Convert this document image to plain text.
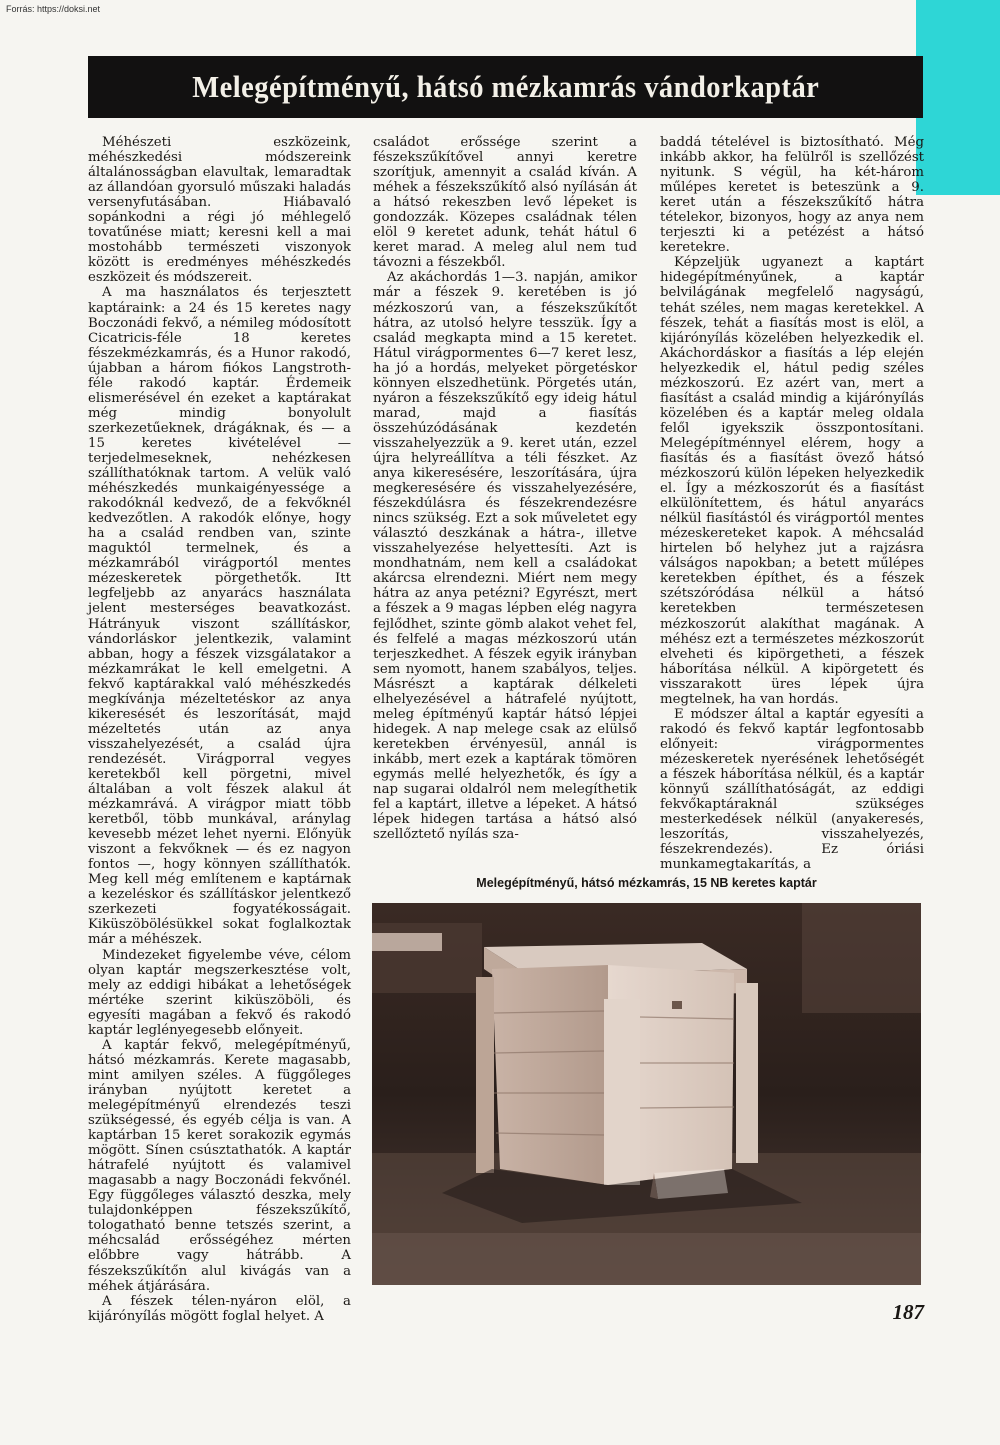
Forrás: https://doksi.net
Melegépítményű, hátsó mézkamrás vándorkaptár

Méhészeti eszközeink, méhészkedési módszereink általánosságban elavultak, lemaradtak az állandóan gyorsuló műszaki haladás versenyfutásában. Hiábavaló sopánkodni a régi jó méhlegelő tovatűnése miatt; keresni kell a mai mostohább természeti viszonyok között is eredményes méhészkedés eszközeit és módszereit.

A ma használatos és terjesztett kaptáraink: a 24 és 15 keretes nagy Boczonádi fekvő, a némileg módosított Cicatricis-féle 18 keretes fészekmézkamrás, és a Hunor rakodó, újabban a három fiókos Langstroth-féle rakodó kaptár. Érdemeik elismerésével én ezeket a kaptárakat még mindig bonyolult szerkezetűeknek, drágáknak, és — a 15 keretes kivételével — terjedelmeseknek, nehézkesen szállíthatóknak tartom. A velük való méhészkedés munkaigényessége a rakodóknál kedvező, de a fekvőknél kedvezőtlen. A rakodók előnye, hogy ha a család rendben van, szinte maguktól termelnek, és a mézkamrából virágportól mentes mézeskeretek pörgethetők. Itt legfeljebb az anyarács használata jelent mesterséges beavatkozást. Hátrányuk viszont szállításkor, vándorláskor jelentkezik, valamint abban, hogy a fészek vizsgálatakor a mézkamrákat le kell emelgetni. A fekvő kaptárakkal való méhészkedés megkívánja mézeltetéskor az anya kikeresését és leszorítását, majd mézeltetés után az anya visszahelyezését, a család újra rendezését. Virágporral vegyes keretekből kell pörgetni, mivel általában a volt fészek alakul át mézkamrává. A virágpor miatt több keretből, több munkával, aránylag kevesebb mézet lehet nyerni. Előnyük viszont a fekvőknek — és ez nagyon fontos —, hogy könnyen szállíthatók. Meg kell még említenem e kaptárnak a kezeléskor és szállításkor jelentkező szerkezeti fogyatékosságait. Kiküszöbölésükkel sokat foglalkoztak már a méhészek.

Mindezeket figyelembe véve, célom olyan kaptár megszerkesztése volt, mely az eddigi hibákat a lehetőségek mértéke szerint kiküszöböli, és egyesíti magában a fekvő és rakodó kaptár leglényegesebb előnyeit.

A kaptár fekvő, melegépítményű, hátsó mézkamrás. Kerete magasabb, mint amilyen széles. A függőleges irányban nyújtott keretet a melegépítményű elrendezés teszi szükségessé, és egyéb célja is van. A kaptárban 15 keret sorakozik egymás mögött. Sínen csúsztathatók. A kaptár hátrafelé nyújtott és valamivel magasabb a nagy Boczonádi fekvőnél. Egy függőleges választó deszka, mely tulajdonképpen fészekszűkítő, tologatható benne tetszés szerint, a méhcsalád erősségéhez mérten előbbre vagy hátrább. A fészekszűkítőn alul kivágás van a méhek átjárására.

A fészek télen-nyáron elöl, a kijárónyílás mögött foglal helyet. A

családot erőssége szerint a fészekszűkítővel annyi keretre szorítjuk, amennyit a család kíván. A méhek a fészekszűkítő alsó nyílásán át a hátsó rekeszben levő lépeket is gondozzák. Közepes családnak télen elöl 9 keretet adunk, tehát hátul 6 keret marad. A meleg alul nem tud távozni a fészekből.

Az akáchordás 1—3. napján, amikor már a fészek 9. keretében is jó mézkoszorú van, a fészekszűkítőt hátra, az utolsó helyre tesszük. Így a család megkapta mind a 15 keretet. Hátul virágpormentes 6—7 keret lesz, ha jó a hordás, melyeket pörgetéskor könnyen elszedhetünk. Pörgetés után, nyáron a fészekszűkítő egy ideig hátul marad, majd a fiasítás összehúzódásának kezdetén visszahelyezzük a 9. keret után, ezzel újra helyreállítva a téli fészket. Az anya kikeresésére, leszorítására, újra megkeresésére és visszahelyezésére, fészekdúlásra és fészekrendezésre nincs szükség. Ezt a sok műveletet egy választó deszkának a hátra-, illetve visszahelyezése helyettesíti. Azt is mondhatnám, nem kell a családokat akárcsa elrendezni. Miért nem megy hátra az anya petézni? Egyrészt, mert a fészek a 9 magas lépben elég nagyra fejlődhet, szinte gömb alakot vehet fel, és felfelé a magas mézkoszorú után terjeszkedhet. A fészek egyik irányban sem nyomott, hanem szabályos, teljes. Másrészt a kaptárak délkeleti elhelyezésével a hátrafelé nyújtott, meleg építményű kaptár hátsó lépjei hidegek. A nap melege csak az elülső keretekben érvényesül, annál is inkább, mert ezek a kaptárak tömören egymás mellé helyezhetők, és így a nap sugarai oldalról nem melegíthetik fel a kaptárt, illetve a lépeket. A hátsó lépek hidegen tartása a hátsó alsó szellőztető nyílás sza-

baddá tételével is biztosítható. Még inkább akkor, ha felülről is szellőzést nyitunk. S végül, ha két-három műlépes keretet is beteszünk a 9. keret után a fészekszűkítő hátra tételekor, bizonyos, hogy az anya nem terjeszti ki a petézést a hátsó keretekre.

Képzeljük ugyanezt a kaptárt hidegépítményűnek, a kaptár belvilágának megfelelő nagyságú, tehát széles, nem magas keretekkel. A fészek, tehát a fiasítás most is elöl, a kijárónyílás közelében helyezkedik el. Akáchordáskor a fiasítás a lép elején helyezkedik el, hátul pedig széles mézkoszorú. Ez azért van, mert a fiasítást a család mindig a kijárónyílás közelében és a kaptár meleg oldala felől igyekszik összpontosítani. Melegépítménnyel elérem, hogy a fiasítás és a fiasítást övező hátsó mézkoszorú külön lépeken helyezkedik el. Így a mézkoszorút és a fiasítást elkülönítettem, és hátul anyarács nélkül fiasítástól és virágportól mentes mézeskereteket kapok. A méhcsalád hirtelen bő helyhez jut a rajzásra válságos napokban; a betett műlépes keretekben építhet, és a fészek szétszóródása nélkül a hátsó keretekben természetesen mézkoszorút alakíthat magának. A méhész ezt a természetes mézkoszorút elveheti és kipörgetheti, a fészek háborítása nélkül. A kipörgetett és visszarakott üres lépek újra megtelnek, ha van hordás.

E módszer által a kaptár egyesíti a rakodó és fekvő kaptár legfontosabb előnyeit: virágpormentes mézeskeretek nyerésének lehetőségét a fészek háborítása nélkül, és a kaptár könnyű szállíthatóságát, az eddigi fekvőkaptáraknál szükséges mesterkedések nélkül (anyakeresés, leszorítás, visszahelyezés, fészekrendezés). Ez óriási munkamegtakarítás, a

Melegépítményű, hátsó mézkamrás, 15 NB keretes kaptár
187
